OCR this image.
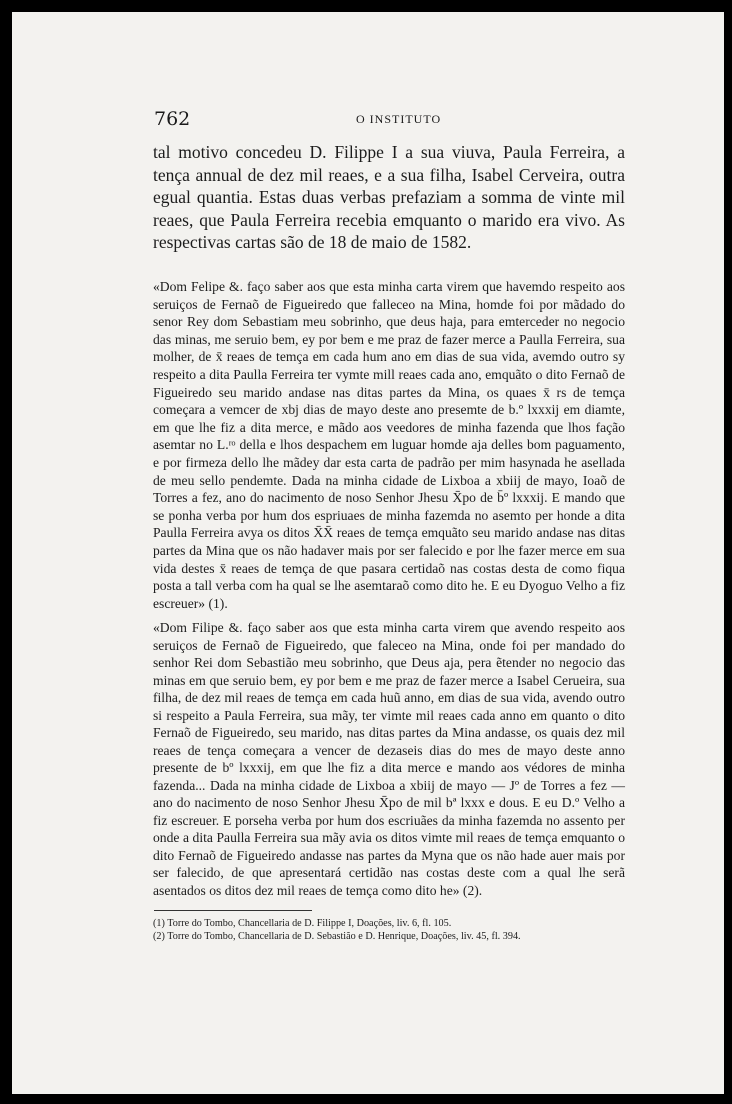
762	O INSTITUTO

tal motivo concedeu D. Filippe I a sua viuva, Paula Ferreira, a tença annual de dez mil reaes, e a sua filha, Isabel Cerveira, outra egual quantia. Estas duas verbas prefaziam a somma de vinte mil reaes, que Paula Ferreira recebia emquanto o marido era vivo. As respectivas cartas são de 18 de maio de 1582.

«Dom Felipe &. faço saber aos que esta minha carta virem que havemdo respeito aos seruiços de Fernaõ de Figueiredo que falleceo na Mina, homde foi por mãdado do senor Rey dom Sebastiam meu sobrinho, que deus haja, para emterceder no negocio das minas, me seruio bem, ey por bem e me praz de fazer merce a Paulla Ferreira, sua molher, de x̄ reaes de temça em cada hum ano em dias de sua vida, avemdo outro sy respeito a dita Paulla Ferreira ter vymte mill reaes cada ano, emquãto o dito Fernaõ de Figueiredo seu marido andase nas ditas partes da Mina, os quaes x̄ rs de temça começara a vemcer de xbj dias de mayo deste ano presemte de b.º lxxxij em diamte, em que lhe fiz a dita merce, e mãdo aos veedores de minha fazenda que lhos fação asemtar no L.ʳᵒ della e lhos despachem em luguar homde aja delles bom paguamento, e por firmeza dello lhe mãdey dar esta carta de padrão per mim hasynada he asellada de meu sello pendemte. Dada na minha cidade de Lixboa a xbiij de mayo, Ioaõ de Torres a fez, ano do nacimento de noso Senhor Jhesu X̄po de b̄º lxxxij. E mando que se ponha verba por hum dos espriuaes de minha fazemda no asemto per honde a dita Paulla Ferreira avya os ditos X̄X̄ reaes de temça emquãto seu marido andase nas ditas partes da Mina que os não hadaver mais por ser falecido e por lhe fazer merce em sua vida destes x̄ reaes de temça de que pasara certidaõ nas costas desta de como fiqua posta a tall verba com ha qual se lhe asemtaraõ como dito he. E eu Dyoguo Velho a fiz escreuer» (1).

«Dom Filipe &. faço saber aos que esta minha carta virem que avendo respeito aos seruiços de Fernaõ de Figueiredo, que faleceo na Mina, onde foi per mandado do senhor Rei dom Sebastião meu sobrinho, que Deus aja, pera ẽtender no negocio das minas em que seruio bem, ey por bem e me praz de fazer merce a Isabel Cerueira, sua filha, de dez mil reaes de temça em cada huũ anno, em dias de sua vida, avendo outro si respeito a Paula Ferreira, sua mãy, ter vimte mil reaes cada anno em quanto o dito Fernaõ de Figueiredo, seu marido, nas ditas partes da Mina andasse, os quais dez mil reaes de tença começara a vencer de dezaseis dias do mes de mayo deste anno presente de bº lxxxij, em que lhe fiz a dita merce e mando aos védores de minha fazenda... Dada na minha cidade de Lixboa a xbiij de mayo — Jº de Torres a fez — ano do nacimento de noso Senhor Jhesu X̄po de mil bª lxxx e dous. E eu D.º Velho a fiz escreuer. E porseha verba por hum dos escriuães da minha fazemda no assento per onde a dita Paulla Ferreira sua mãy avia os ditos vimte mil reaes de temça emquanto o dito Fernaõ de Figueiredo andasse nas partes da Myna que os não hade auer mais por ser falecido, de que apresentará certidão nas costas deste com a qual lhe serã asentados os ditos dez mil reaes de temça como dito he» (2).

(1) Torre do Tombo, Chancellaria de D. Filippe I, Doações, liv. 6, fl. 105.

(2) Torre do Tombo, Chancellaria de D. Sebastião e D. Henrique, Doações, liv. 45, fl. 394.
